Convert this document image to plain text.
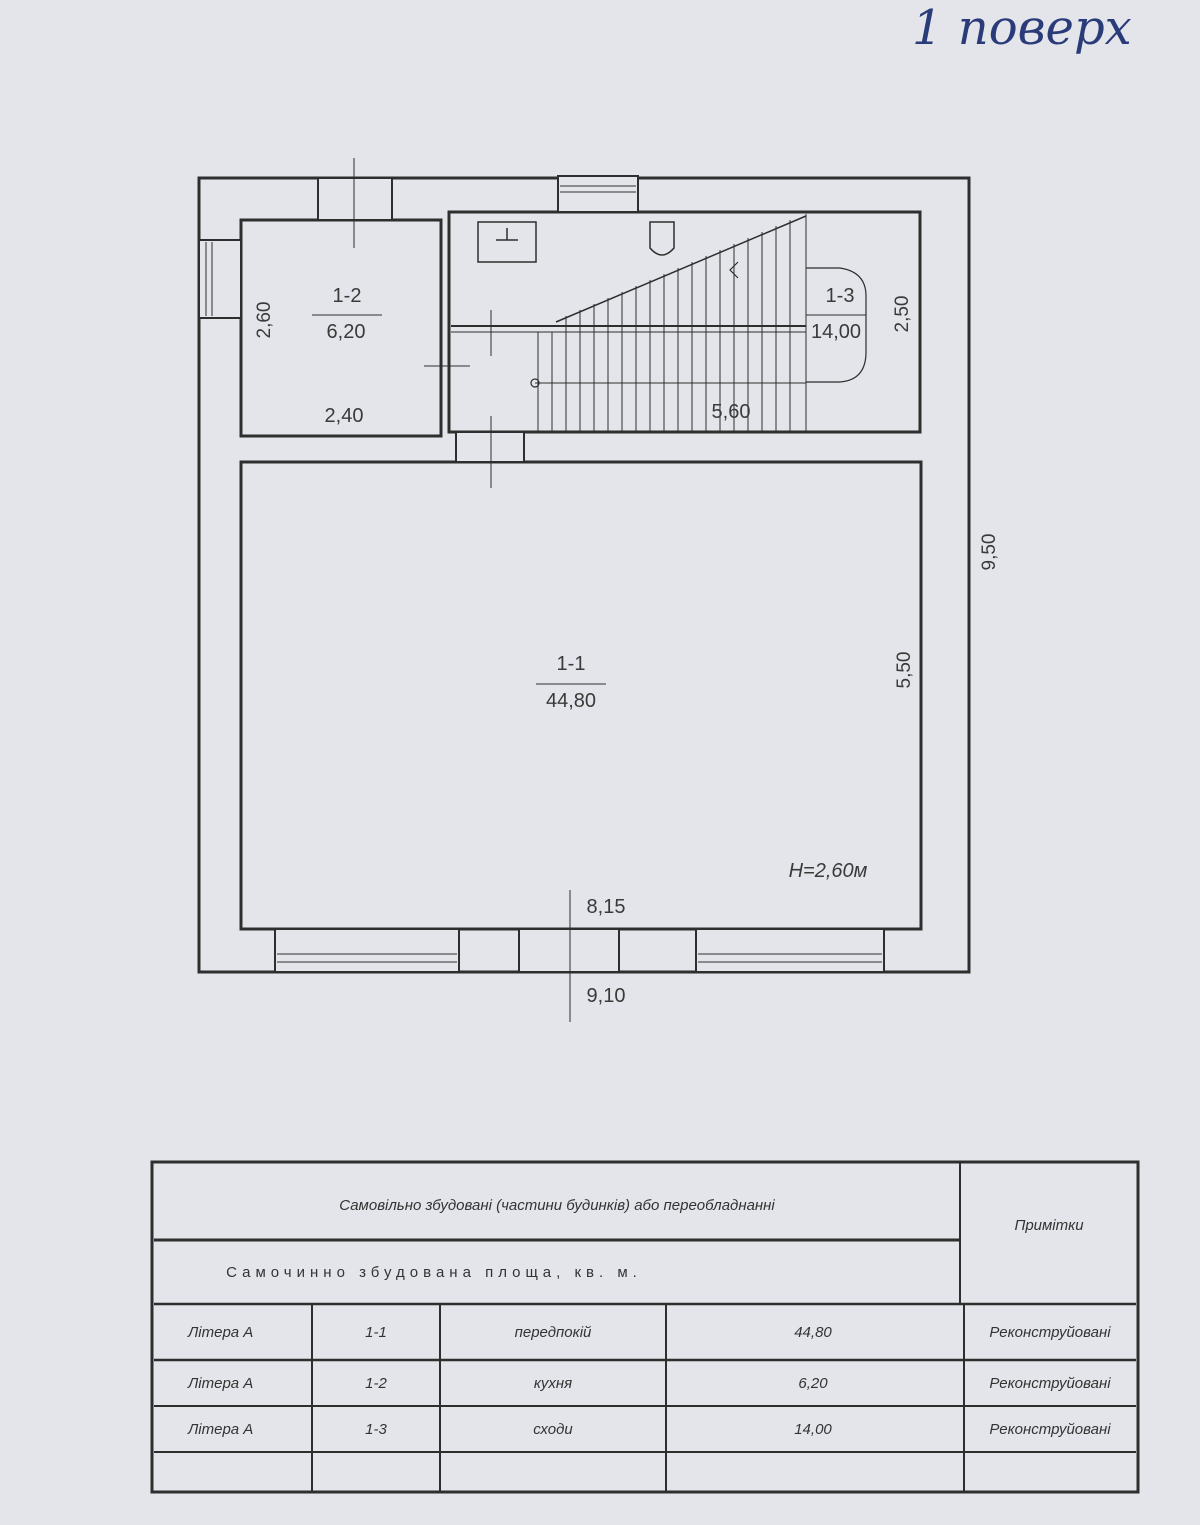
1 поверх
1-2
6,20
1-3
14,00
1-1
44,80
2,60
2,40	5,60
2,50
5,50
8,15
9,50
9,10
Н=2,60м
Самовільно збудовані (частини будинків) або переобладнанні
Самочинно збудована площа, кв. м.
Примітки
Літера А	1-1	передпокій	44,80	Реконструйовані
Літера А	1-2	кухня	6,20	Реконструйовані
Літера А	1-3	сходи	14,00	Реконструйовані
